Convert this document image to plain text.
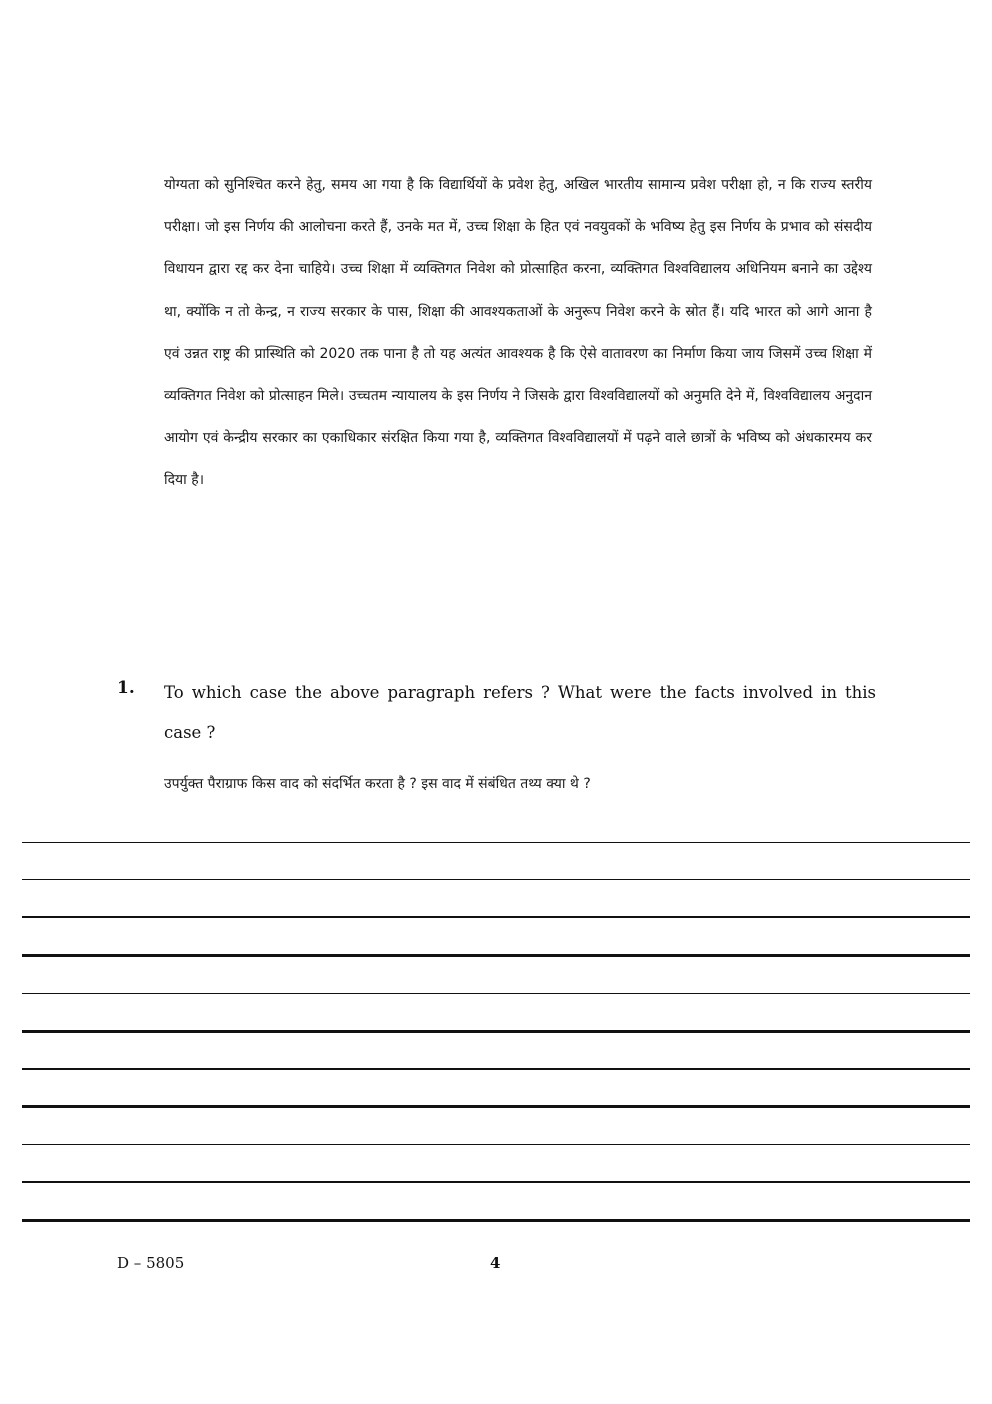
योग्यता को सुनिश्चित करने हेतु, समय आ गया है कि विद्यार्थियों के प्रवेश हेतु, अखिल भारतीय सामान्य प्रवेश परीक्षा हो, न कि राज्य स्तरीय परीक्षा। जो इस निर्णय की आलोचना करते हैं, उनके मत में, उच्च शिक्षा के हित एवं नवयुवकों के भविष्य हेतु इस निर्णय के प्रभाव को संसदीय विधायन द्वारा रद्द कर देना चाहिये। उच्च शिक्षा में व्यक्तिगत निवेश को प्रोत्साहित करना, व्यक्तिगत विश्वविद्यालय अधिनियम बनाने का उद्देश्य था, क्योंकि न तो केन्द्र, न राज्य सरकार के पास, शिक्षा की आवश्यकताओं के अनुरूप निवेश करने के स्रोत हैं। यदि भारत को आगे आना है एवं उन्नत राष्ट्र की प्रास्थिति को 2020 तक पाना है तो यह अत्यंत आवश्यक है कि ऐसे वातावरण का निर्माण किया जाय जिसमें उच्च शिक्षा में व्यक्तिगत निवेश को प्रोत्साहन मिले। उच्चतम न्यायालय के इस निर्णय ने जिसके द्वारा विश्वविद्यालयों को अनुमति देने में, विश्वविद्यालय अनुदान आयोग एवं केन्द्रीय सरकार का एकाधिकार संरक्षित किया गया है, व्यक्तिगत विश्वविद्यालयों में पढ़ने वाले छात्रों के भविष्य को अंधकारमय कर दिया है।
1. To which case the above paragraph refers ? What were the facts involved in this case ?
उपर्युक्त पैराग्राफ किस वाद को संदर्भित करता है ? इस वाद में संबंधित तथ्य क्या थे ?
D – 5805	4
